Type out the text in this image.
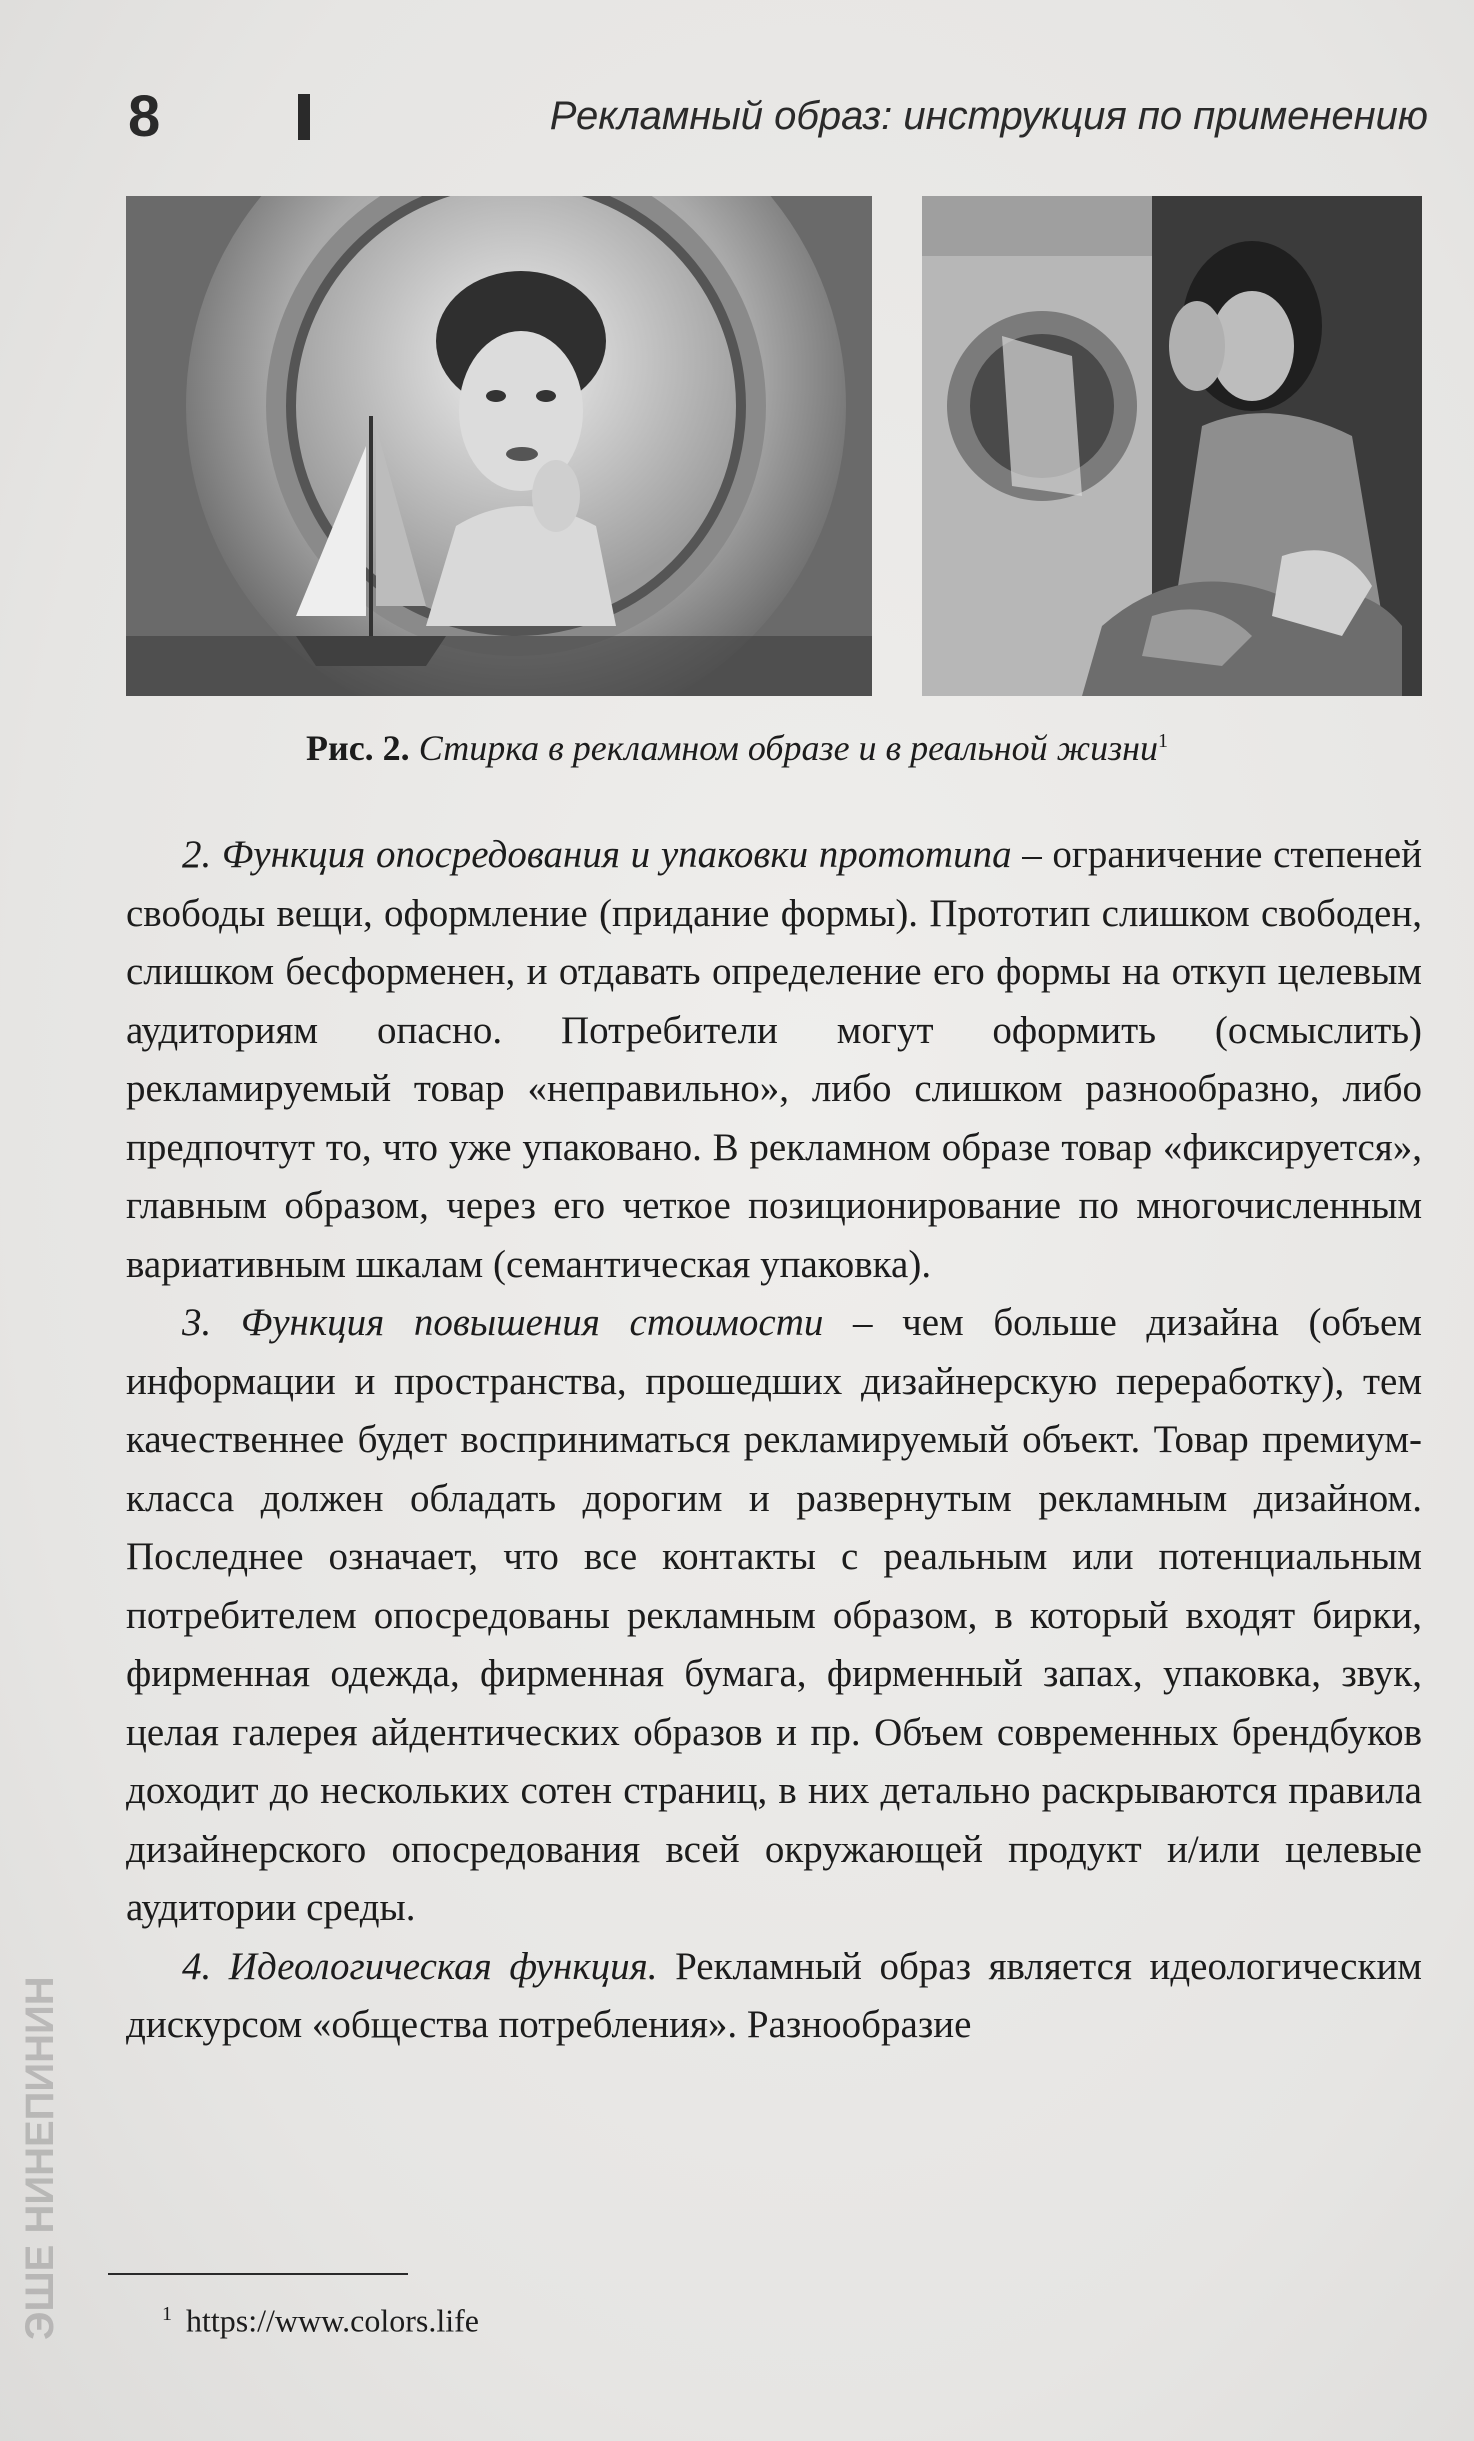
8	Рекламный образ: инструкция по применению
Рис. 2. Стирка в рекламном образе и в реальной жизни$^1$

2. Функция опосредования и упаковки прототипа – ограничение степеней свободы вещи, оформление (придание формы). Прототип слишком свободен, слишком бесформенен, и отдавать определение его формы на откуп целевым аудиториям опасно. Потребители могут оформить (осмыслить) рекламируемый товар «неправильно», либо слишком разнообразно, либо предпочтут то, что уже упаковано. В рекламном образе товар «фиксируется», главным образом, через его четкое позиционирование по многочисленным вариативным шкалам (семантическая упаковка).

3. Функция повышения стоимости – чем больше дизайна (объем информации и пространства, прошедших дизайнерскую переработку), тем качественнее будет восприниматься рекламируемый объект. Товар премиум-класса должен обладать дорогим и развернутым рекламным дизайном. Последнее означает, что все контакты с реальным или потенциальным потребителем опосредованы рекламным образом, в который входят бирки, фирменная одежда, фирменная бумага, фирменный запах, упаковка, звук, целая галерея айдентических образов и пр. Объем современных брендбуков доходит до нескольких сотен страниц, в них детально раскрываются правила дизайнерского опосредования всей окружающей продукт и/или целевые аудитории среды.

4. Идеологическая функция. Рекламный образ является идеологическим дискурсом «общества потребления». Разнообразие

$^1$ https://www.colors.life
ЭШЕ НИНЕПИНИН
